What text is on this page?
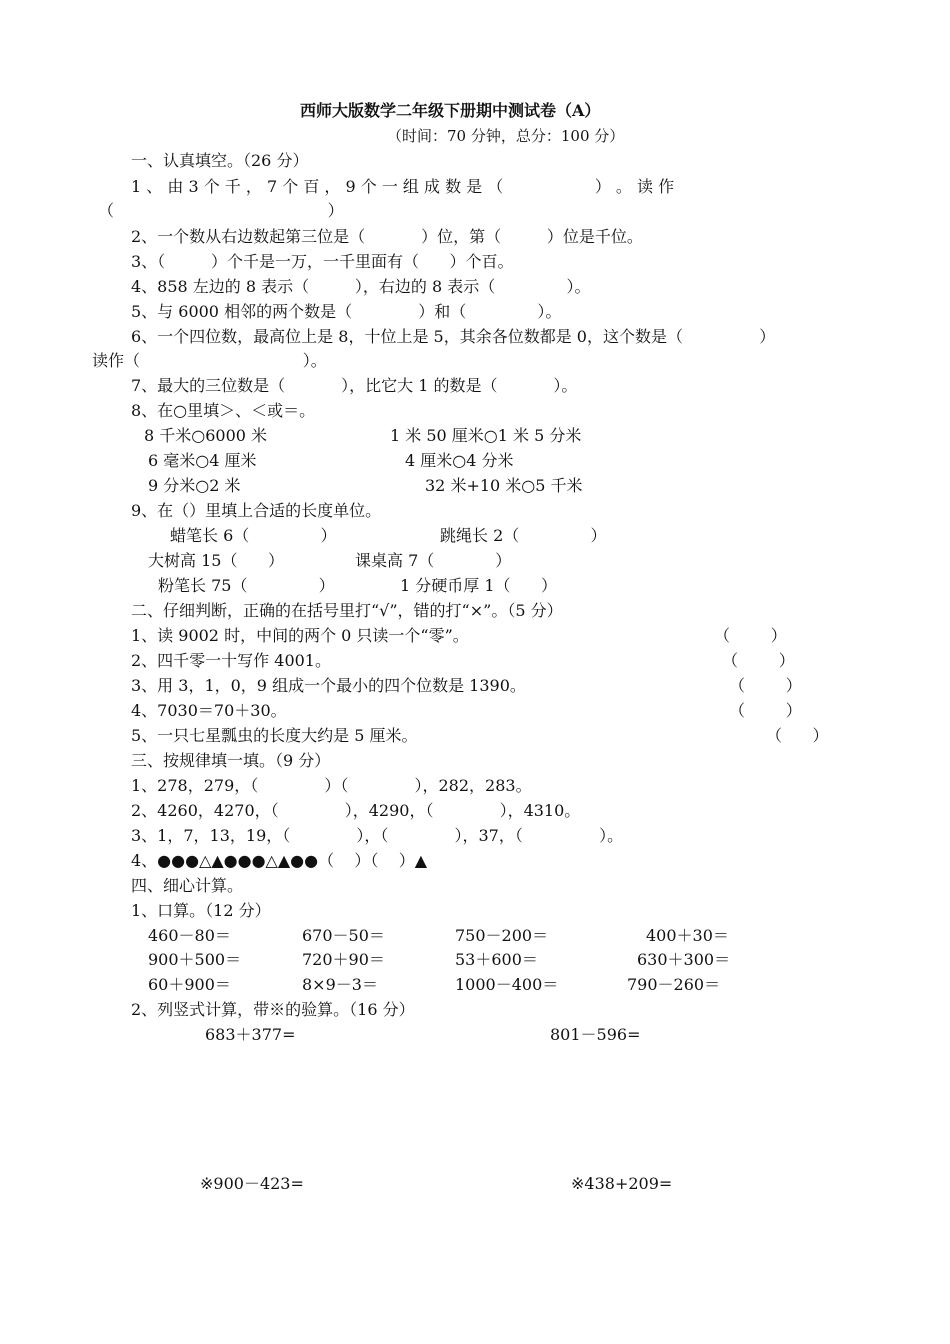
西师大版数学二年级下册期中测试卷（A）
（时间：70 分钟，总分：100 分）
一、认真填空。（26 分）
1 、 由 3 个 千 ， 7 个 百 ， 9 个 一 组 成 数 是 （                  ） 。 读 作
（                                          ）
2、一个数从右边数起第三位是（           ）位，第（         ）位是千位。
3、（         ）个千是一万，一千里面有（      ）个百。
4、858 左边的 8 表示（         ），右边的 8 表示（              ）。
5、与 6000 相邻的两个数是（             ）和（              ）。
6、一个四位数，最高位上是 8，十位上是 5，其余各位数都是 0，这个数是（               ）
读作（                                ）。
7、最大的三位数是（           ），比它大 1 的数是（           ）。
8、在○里填＞、＜或＝。
8 千米○6000 米	1 米 50 厘米○1 米 5 分米
6 毫米○4 厘米	4 厘米○4 分米
9 分米○2 米	32 米+10 米○5 千米
9、在（）里填上合适的长度单位。
蜡笔长 6（              ）	跳绳长 2（              ）
大树高 15（      ）	课桌高 7（            ）
粉笔长 75（              ）	1 分硬币厚 1（      ）
二、仔细判断，正确的在括号里打“√”，错的打“×”。（5 分）
1、读 9002 时，中间的两个 0 只读一个“零”。	（        ）
2、四千零一十写作 4001。	（        ）
3、用 3，1，0，9 组成一个最小的四个位数是 1390。	（        ）
4、7030＝70＋30。	（        ）
5、一只七星瓢虫的长度大约是 5 厘米。	（      ）
三、按规律填一填。（9 分）
1、278，279，（             ）（             ），282，283。
2、4260，4270，（             ），4290，（             ），4310。
3、1，7，13，19，（             ），（             ），37，（               ）。
4、●●●△▲●●●△▲●●（    ）（    ）▲
四、细心计算。
1、口算。（12 分）
460－80＝	670－50＝	750－200＝	400＋30＝
900＋500＝	720＋90＝	53＋600＝	630＋300＝
60＋900＝	8×9－3＝	1000－400＝	790－260＝
2、列竖式计算，带※的验算。（16 分）
683＋377=	801－596=
※900－423=	※438+209=
